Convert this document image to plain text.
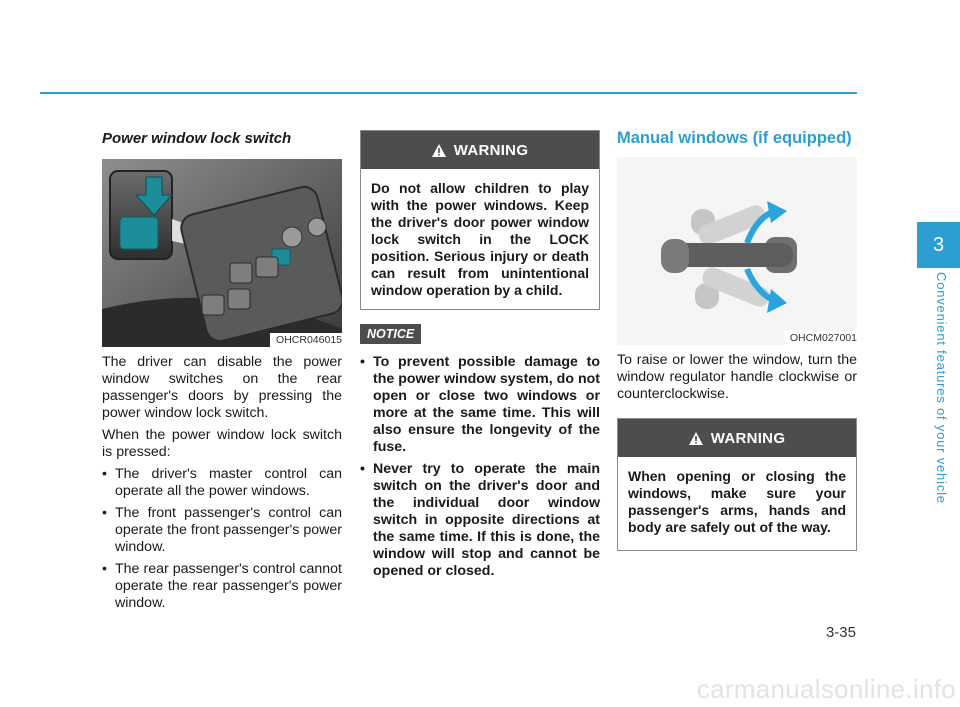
Power window lock switch
OHCR046015

The driver can disable the power window switches on the rear passenger's doors by pressing the power window lock switch.

When the power window lock switch is pressed:

• The driver's master control can operate all the power windows.
• The front passenger's control can operate the front passenger's power window.
• The rear passenger's control cannot operate the rear passenger's power window.
WARNING
Do not allow children to play with the power windows. Keep the driver's door power window lock switch in the LOCK position. Serious injury or death can result from unintentional window operation by a child.
NOTICE
• To prevent possible damage to the power window system, do not open or close two windows or more at the same time. This will also ensure the longevity of the fuse.
• Never try to operate the main switch on the driver's door and the individual door window switch in opposite directions at the same time. If this is done, the window will stop and cannot be opened or closed.
Manual windows (if equipped)
OHCM027001

To raise or lower the window, turn the window regulator handle clockwise or counterclockwise.

WARNING
When opening or closing the windows, make sure your passenger's arms, hands and body are safely out of the way.
3
Convenient features of your vehicle
3-35
carmanualsonline.info
